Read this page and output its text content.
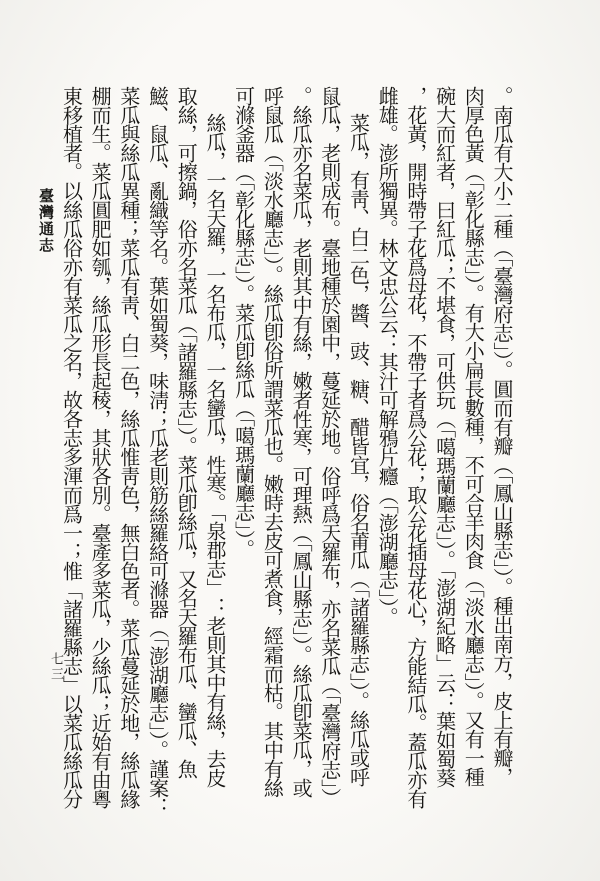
臺灣通志
七三	。南瓜有大小二種（「臺灣府志」）。圓而有瓣（「鳳山縣志」）。種出南方，皮上有瓣，
肉厚色黃（「彰化縣志」）。有大小扁長數種，不可合羊肉食（「淡水廳志」）。又有一種
碗大而紅者，曰紅瓜；不堪食，可供玩（「噶瑪蘭廳志」）。「澎湖紀略」云：葉如蜀葵
，花黃，開時帶子花爲母花，不帶子者爲公花；取公花插母花心，方能結瓜。蓋瓜亦有
雌雄。澎所獨異。林文忠公云：其汁可解鴉片癮（「澎湖廳志」）。
菜瓜，有靑、白二色，醬、豉、糖、醋皆宜，俗名莆瓜（「諸羅縣志」）。絲瓜或呼
鼠瓜，老則成布。臺地種於園中，蔓延於地。俗呼爲天羅布，亦名菜瓜（「臺灣府志」）
。絲瓜亦名菜瓜，老則其中有絲，嫩者性寒，可理熱（「鳳山縣志」）。絲瓜卽菜瓜，或
呼鼠瓜（「淡水廳志」）。絲瓜卽俗所謂菜瓜也。嫩時去皮可煮食，經霜而枯。其中有絲
可滌釜器（「彰化縣志」）。菜瓜卽絲瓜（「噶瑪蘭廳志」）。
絲瓜，一名天羅，一名布瓜，一名蠻瓜，性寒。「泉郡志」：老則其中有絲，去皮
取絲，可擦鍋，俗亦名菜瓜（「諸羅縣志」）。菜瓜卽絲瓜，又名天羅布瓜、蠻瓜、魚
鰦、鼠瓜、亂織等名。葉如蜀葵，味淸；瓜老則筋絲羅絡可滌器（「澎湖廳志」）。謹案：
菜瓜與絲瓜異種；菜瓜有靑、白二色，絲瓜惟靑色，無白色者。菜瓜蔓延於地，絲瓜緣
棚而生。菜瓜圓肥如瓠，絲瓜形長起稜，其狀各別。臺產多菜瓜，少絲瓜；近始有由粵
東移植者。以絲瓜俗亦有菜瓜之名，故各志多渾而爲一；惟「諸羅縣志」以菜瓜絲瓜分
